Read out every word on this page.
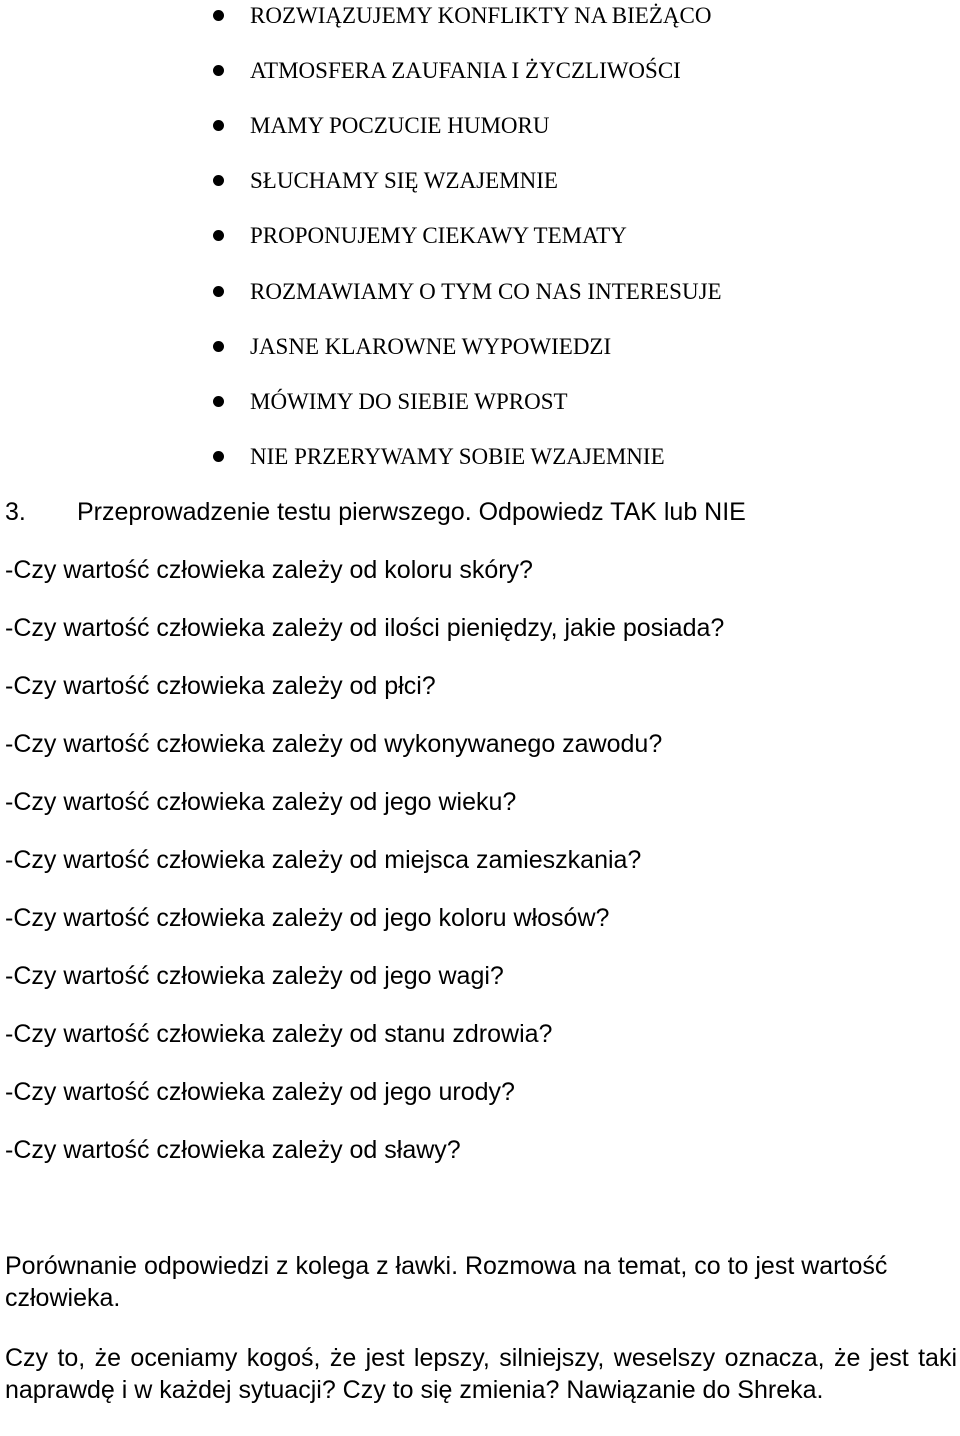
ROZWIĄZUJEMY KONFLIKTY NA BIEŻĄCO
ATMOSFERA ZAUFANIA I ŻYCZLIWOŚCI
MAMY POCZUCIE HUMORU
SŁUCHAMY SIĘ WZAJEMNIE
PROPONUJEMY CIEKAWY TEMATY
ROZMAWIAMY O TYM CO NAS INTERESUJE
JASNE KLAROWNE WYPOWIEDZI
MÓWIMY DO SIEBIE WPROST
NIE PRZERYWAMY SOBIE WZAJEMNIE
3. Przeprowadzenie testu pierwszego. Odpowiedz TAK lub NIE
-Czy wartość człowieka zależy od koloru skóry?
-Czy wartość człowieka zależy od ilości pieniędzy, jakie posiada?
-Czy wartość człowieka zależy od płci?
-Czy wartość człowieka zależy od wykonywanego zawodu?
-Czy wartość człowieka zależy od jego wieku?
-Czy wartość człowieka zależy od miejsca zamieszkania?
-Czy wartość człowieka zależy od jego koloru włosów?
-Czy wartość człowieka zależy od jego wagi?
-Czy wartość człowieka zależy od stanu zdrowia?
-Czy wartość człowieka zależy od jego urody?
-Czy wartość człowieka zależy od sławy?

Porównanie odpowiedzi z kolega z ławki. Rozmowa na temat, co to jest wartość człowieka.

Czy to, że oceniamy kogoś, że jest lepszy, silniejszy, weselszy oznacza, że jest taki naprawdę i w każdej sytuacji? Czy to się zmienia? Nawiązanie do Shreka.
